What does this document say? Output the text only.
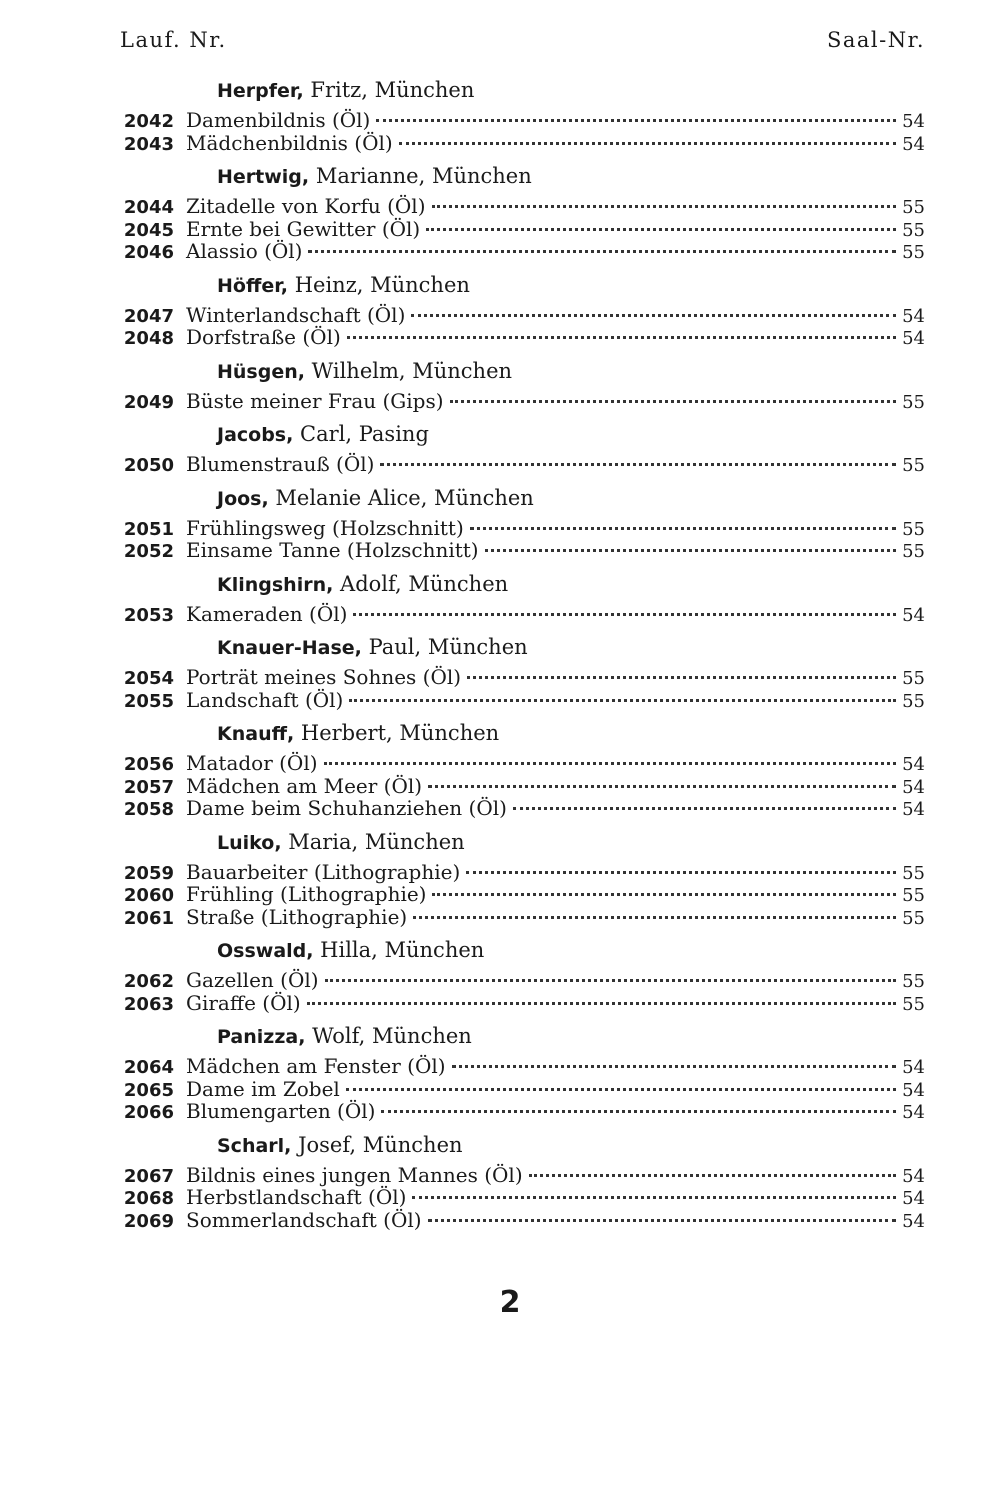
Lauf. Nr.	Saal-Nr.
Herpfer, Fritz, München
2042 Damenbildnis (Öl)	54
2043 Mädchenbildnis (Öl)	54
Hertwig, Marianne, München
2044 Zitadelle von Korfu (Öl)	55
2045 Ernte bei Gewitter (Öl)	55
2046 Alassio (Öl)	55
Höffer, Heinz, München
2047 Winterlandschaft (Öl)	54
2048 Dorfstraße (Öl)	54
Hüsgen, Wilhelm, München
2049 Büste meiner Frau (Gips)	55
Jacobs, Carl, Pasing
2050 Blumenstrauß (Öl)	55
Joos, Melanie Alice, München
2051 Frühlingsweg (Holzschnitt)	55
2052 Einsame Tanne (Holzschnitt)	55
Klingshirn, Adolf, München
2053 Kameraden (Öl)	54
Knauer-Hase, Paul, München
2054 Porträt meines Sohnes (Öl)	55
2055 Landschaft (Öl)	55
Knauff, Herbert, München
2056 Matador (Öl)	54
2057 Mädchen am Meer (Öl)	54
2058 Dame beim Schuhanziehen (Öl)	54
Luiko, Maria, München
2059 Bauarbeiter (Lithographie)	55
2060 Frühling (Lithographie)	55
2061 Straße (Lithographie)	55
Osswald, Hilla, München
2062 Gazellen (Öl)	55
2063 Giraffe (Öl)	55
Panizza, Wolf, München
2064 Mädchen am Fenster (Öl)	54
2065 Dame im Zobel	54
2066 Blumengarten (Öl)	54
Scharl, Josef, München
2067 Bildnis eines jungen Mannes (Öl)	54
2068 Herbstlandschaft (Öl)	54
2069 Sommerlandschaft (Öl)	54
2
